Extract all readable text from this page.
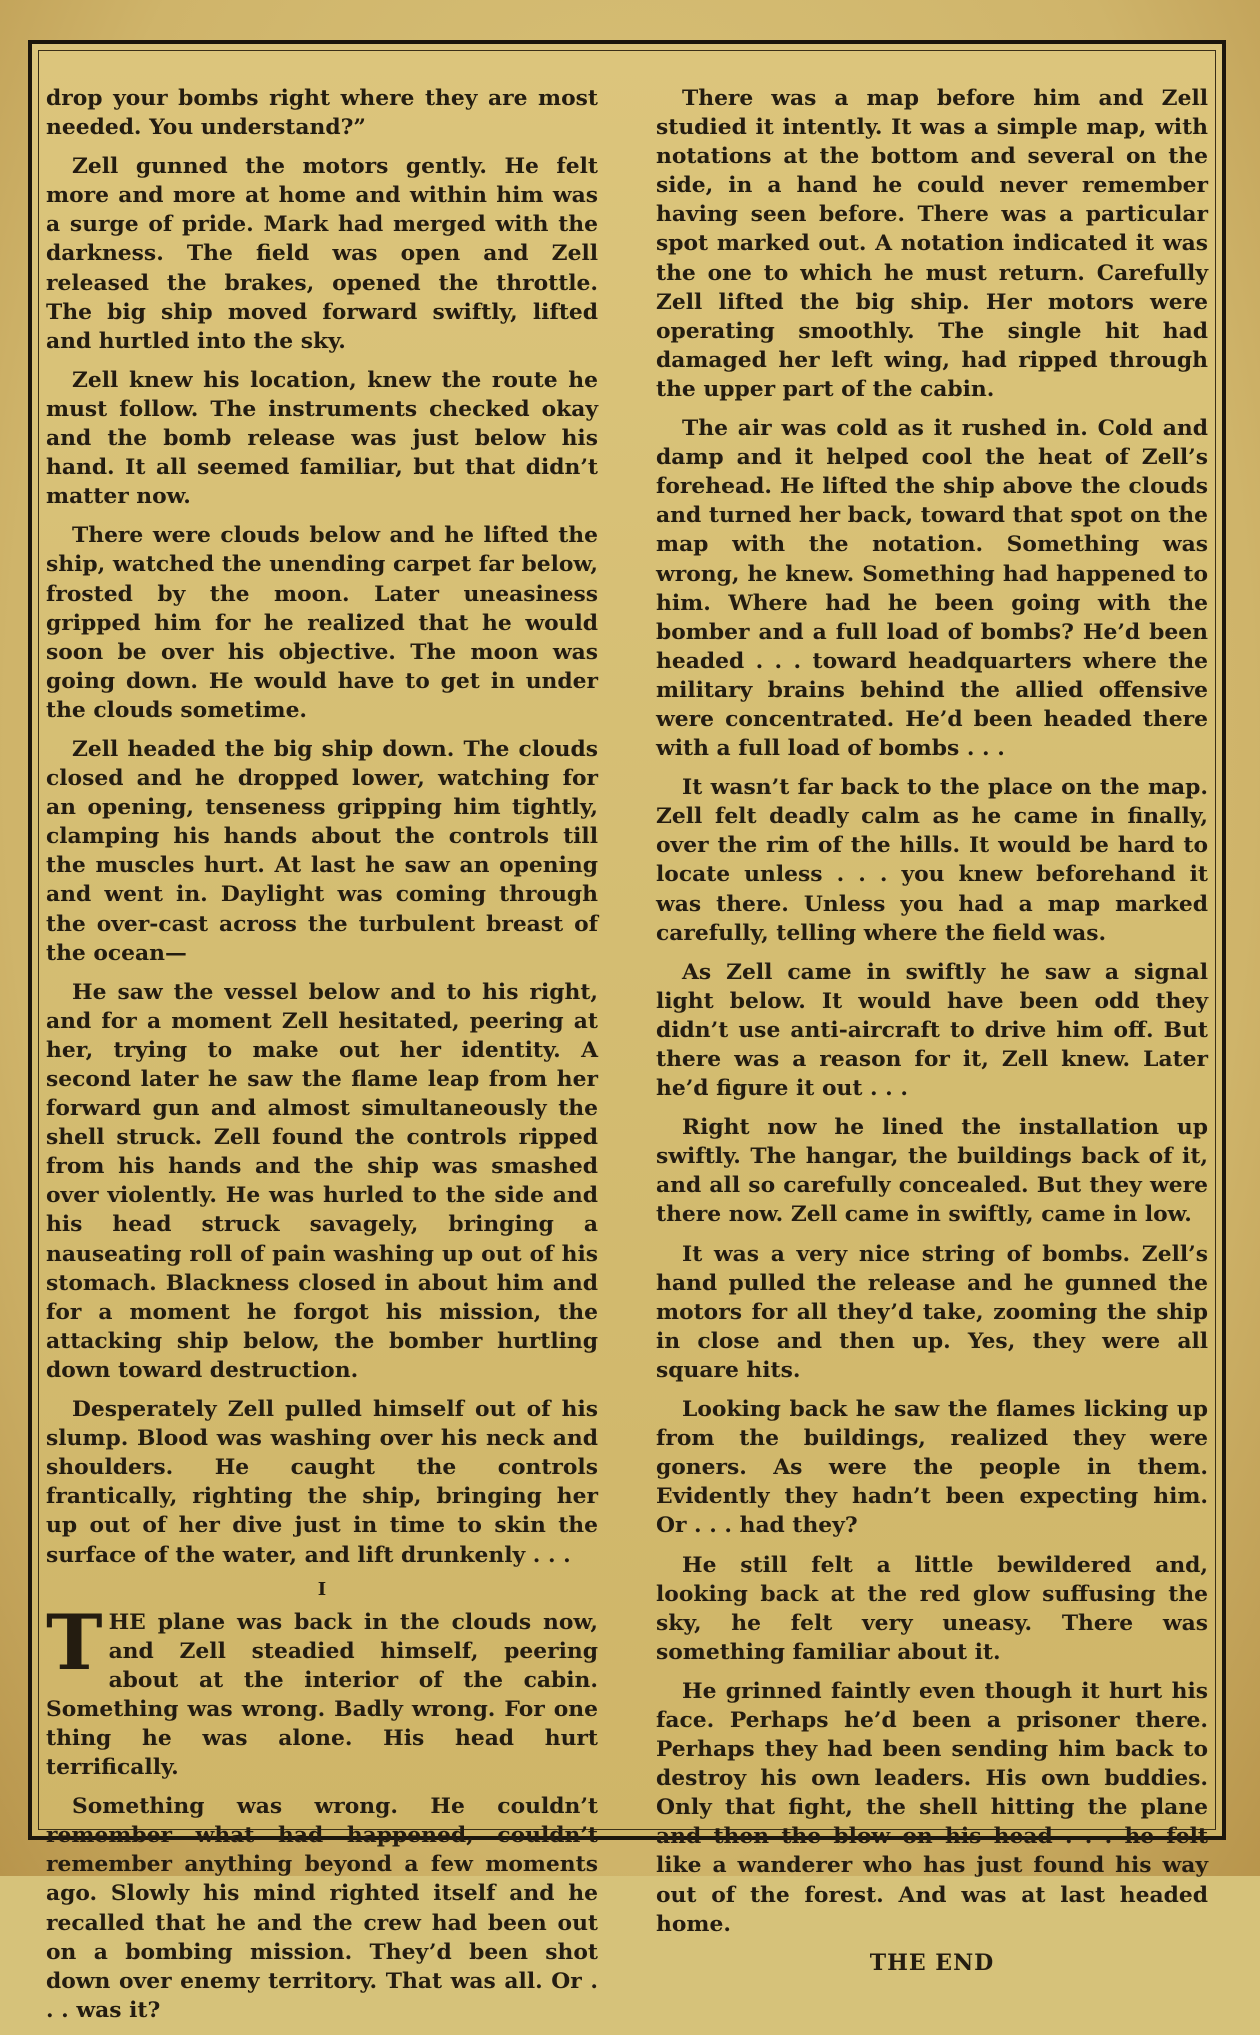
drop your bombs right where they are most needed. You understand?”

Zell gunned the motors gently. He felt more and more at home and within him was a surge of pride. Mark had merged with the darkness. The field was open and Zell released the brakes, opened the throttle. The big ship moved forward swiftly, lifted and hurtled into the sky.

Zell knew his location, knew the route he must follow. The instruments checked okay and the bomb release was just below his hand. It all seemed familiar, but that didn’t matter now.

There were clouds below and he lifted the ship, watched the unending carpet far below, frosted by the moon. Later uneasiness gripped him for he realized that he would soon be over his objective. The moon was going down. He would have to get in under the clouds sometime.

Zell headed the big ship down. The clouds closed and he dropped lower, watching for an opening, tenseness gripping him tightly, clamping his hands about the controls till the muscles hurt. At last he saw an opening and went in. Daylight was coming through the over-cast across the turbulent breast of the ocean—

He saw the vessel below and to his right, and for a moment Zell hesitated, peering at her, trying to make out her identity. A second later he saw the flame leap from her forward gun and almost simultaneously the shell struck. Zell found the controls ripped from his hands and the ship was smashed over violently. He was hurled to the side and his head struck savagely, bringing a nauseating roll of pain washing up out of his stomach. Blackness closed in about him and for a moment he forgot his mission, the attacking ship below, the bomber hurtling down toward destruction.

Desperately Zell pulled himself out of his slump. Blood was washing over his neck and shoulders. He caught the controls frantically, righting the ship, bringing her up out of her dive just in time to skin the surface of the water, and lift drunkenly . . .

I

THE plane was back in the clouds now, and Zell steadied himself, peering about at the interior of the cabin. Something was wrong. Badly wrong. For one thing he was alone. His head hurt terrifically.

Something was wrong. He couldn’t remember what had happened, couldn’t remember anything beyond a few moments ago. Slowly his mind righted itself and he recalled that he and the crew had been out on a bombing mission. They’d been shot down over enemy territory. That was all. Or . . . was it?

There was a map before him and Zell studied it intently. It was a simple map, with notations at the bottom and several on the side, in a hand he could never remember having seen before. There was a particular spot marked out. A notation indicated it was the one to which he must return. Carefully Zell lifted the big ship. Her motors were operating smoothly. The single hit had damaged her left wing, had ripped through the upper part of the cabin.

The air was cold as it rushed in. Cold and damp and it helped cool the heat of Zell’s forehead. He lifted the ship above the clouds and turned her back, toward that spot on the map with the notation. Something was wrong, he knew. Something had happened to him. Where had he been going with the bomber and a full load of bombs? He’d been headed . . . toward headquarters where the military brains behind the allied offensive were concentrated. He’d been headed there with a full load of bombs . . .

It wasn’t far back to the place on the map. Zell felt deadly calm as he came in finally, over the rim of the hills. It would be hard to locate unless . . . you knew beforehand it was there. Unless you had a map marked carefully, telling where the field was.

As Zell came in swiftly he saw a signal light below. It would have been odd they didn’t use anti-aircraft to drive him off. But there was a reason for it, Zell knew. Later he’d figure it out . . .

Right now he lined the installation up swiftly. The hangar, the buildings back of it, and all so carefully concealed. But they were there now. Zell came in swiftly, came in low.

It was a very nice string of bombs. Zell’s hand pulled the release and he gunned the motors for all they’d take, zooming the ship in close and then up. Yes, they were all square hits.

Looking back he saw the flames licking up from the buildings, realized they were goners. As were the people in them. Evidently they hadn’t been expecting him. Or . . . had they?

He still felt a little bewildered and, looking back at the red glow suffusing the sky, he felt very uneasy. There was something familiar about it.

He grinned faintly even though it hurt his face. Perhaps he’d been a prisoner there. Perhaps they had been sending him back to destroy his own leaders. His own buddies. Only that fight, the shell hitting the plane and then the blow on his head . . . he felt like a wanderer who has just found his way out of the forest. And was at last headed home.

THE END
